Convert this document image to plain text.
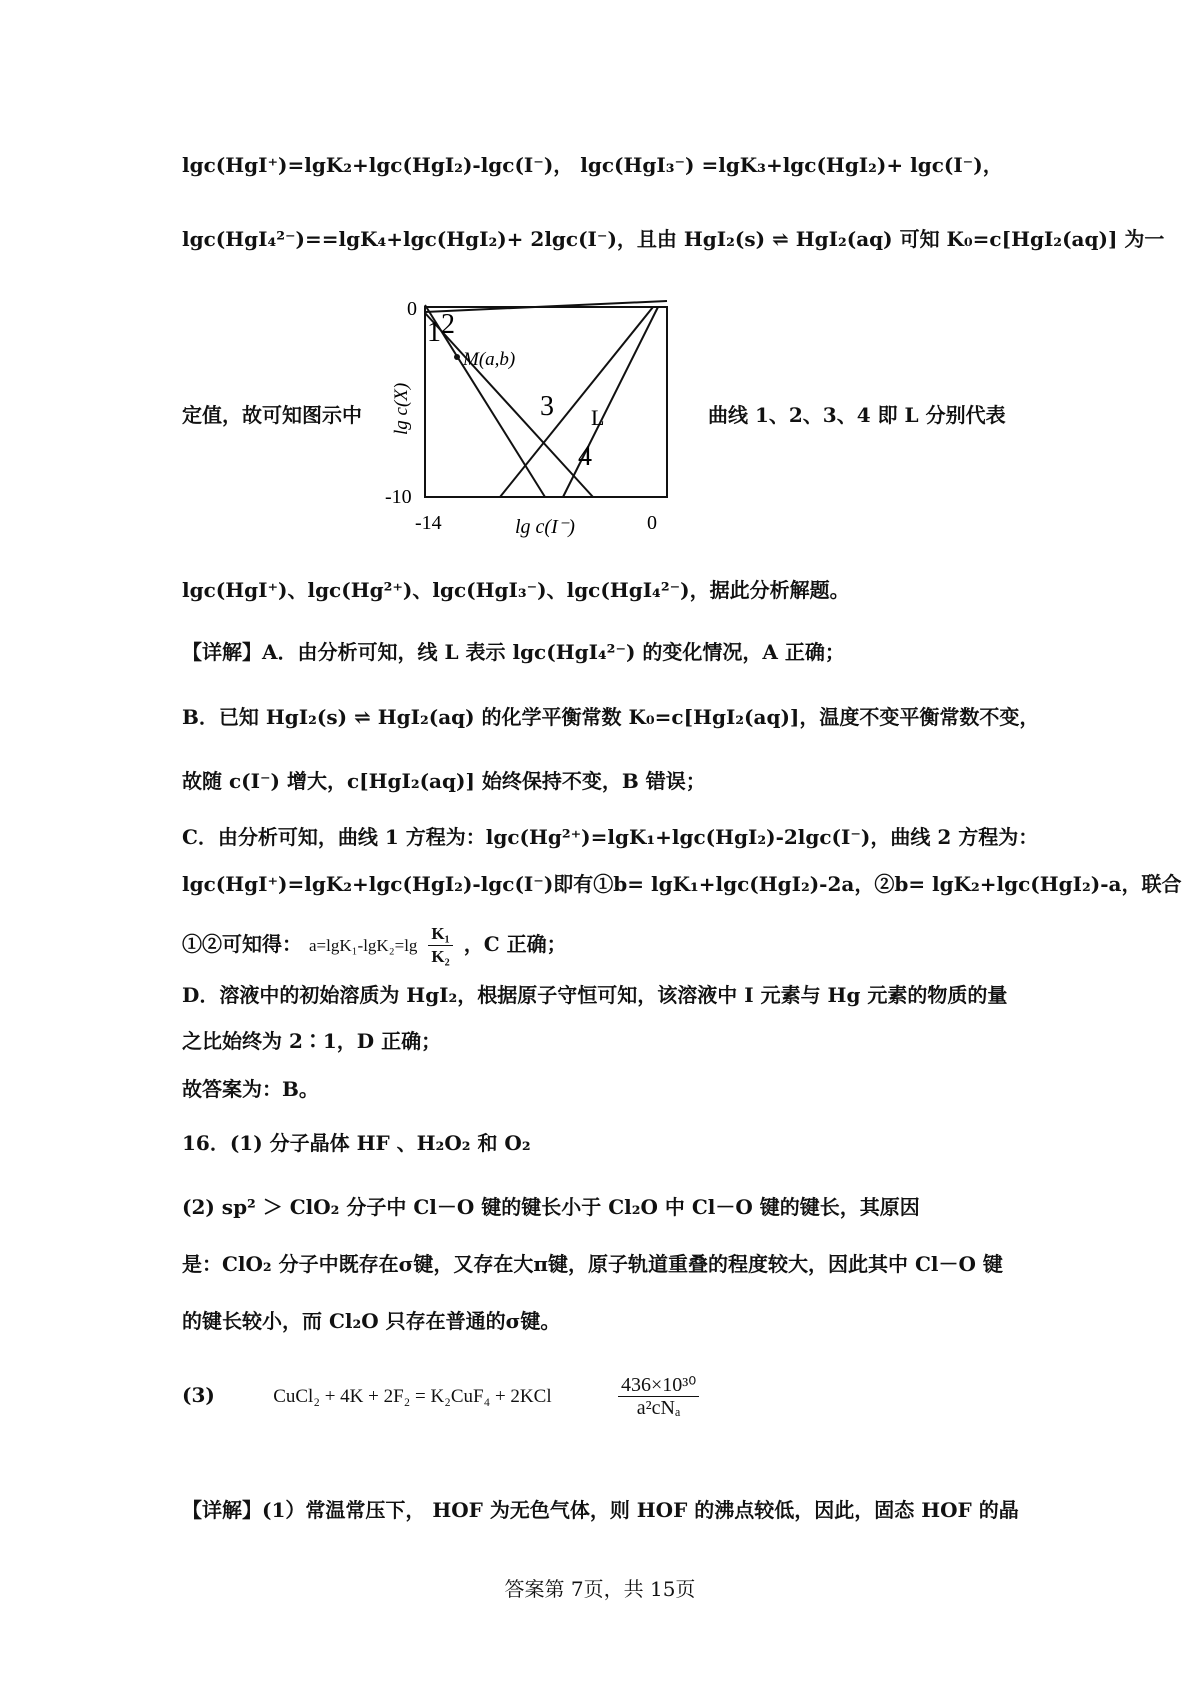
lgc(HgI⁺)=lgK₂+lgc(HgI₂)-lgc(I⁻)， lgc(HgI₃⁻) =lgK₃+lgc(HgI₂)+ lgc(I⁻)，
lgc(HgI₄²⁻)==lgK₄+lgc(HgI₂)+ 2lgc(I⁻)，且由 HgI₂(s) ⇌ HgI₂(aq) 可知 K₀=c[HgI₂(aq)] 为一
定值，故可知图示中	曲线 1、2、3、4 即 L 分别代表
0
-10
-14	0
lg c(I⁻)
lg c(X)
1 2
M(a,b)
3 L
4
lgc(HgI⁺)、lgc(Hg²⁺)、lgc(HgI₃⁻)、lgc(HgI₄²⁻)，据此分析解题。
【详解】A．由分析可知，线 L 表示 lgc(HgI₄²⁻) 的变化情况，A 正确；
B．已知 HgI₂(s) ⇌ HgI₂(aq) 的化学平衡常数 K₀=c[HgI₂(aq)]，温度不变平衡常数不变，
故随 c(I⁻) 增大，c[HgI₂(aq)] 始终保持不变，B 错误；
C．由分析可知，曲线 1 方程为：lgc(Hg²⁺)=lgK₁+lgc(HgI₂)-2lgc(I⁻)，曲线 2 方程为：
lgc(HgI⁺)=lgK₂+lgc(HgI₂)-lgc(I⁻)即有①b= lgK₁+lgc(HgI₂)-2a，②b= lgK₂+lgc(HgI₂)-a，联合
①②可知得： $a=\lg K_1-\lg K_2=\lg \frac{\text{K₁}}{\text{K₂}}$ ，C 正确；
D．溶液中的初始溶质为 HgI₂，根据原子守恒可知，该溶液中 I 元素与 Hg 元素的物质的量
之比始终为 2∶1，D 正确；
故答案为：B。
16．(1) 分子晶体 HF 、H₂O₂ 和 O₂
(2) sp² ＞ ClO₂ 分子中 Cl－O 键的键长小于 Cl₂O 中 Cl－O 键的键长，其原因
是：ClO₂ 分子中既存在σ键，又存在大π键，原子轨道重叠的程度较大，因此其中 Cl－O 键
的键长较小，而 Cl₂O 只存在普通的σ键。
(3)	CuCl₂ + 4K + 2F₂ = K₂CuF₄ + 2KCl	$\frac{\text{436×10³⁰}}{\text{a²cNₐ}}$
【详解】(1）常温常压下， HOF 为无色气体，则 HOF 的沸点较低，因此，固态 HOF 的晶
答案第 7页，共 15页
